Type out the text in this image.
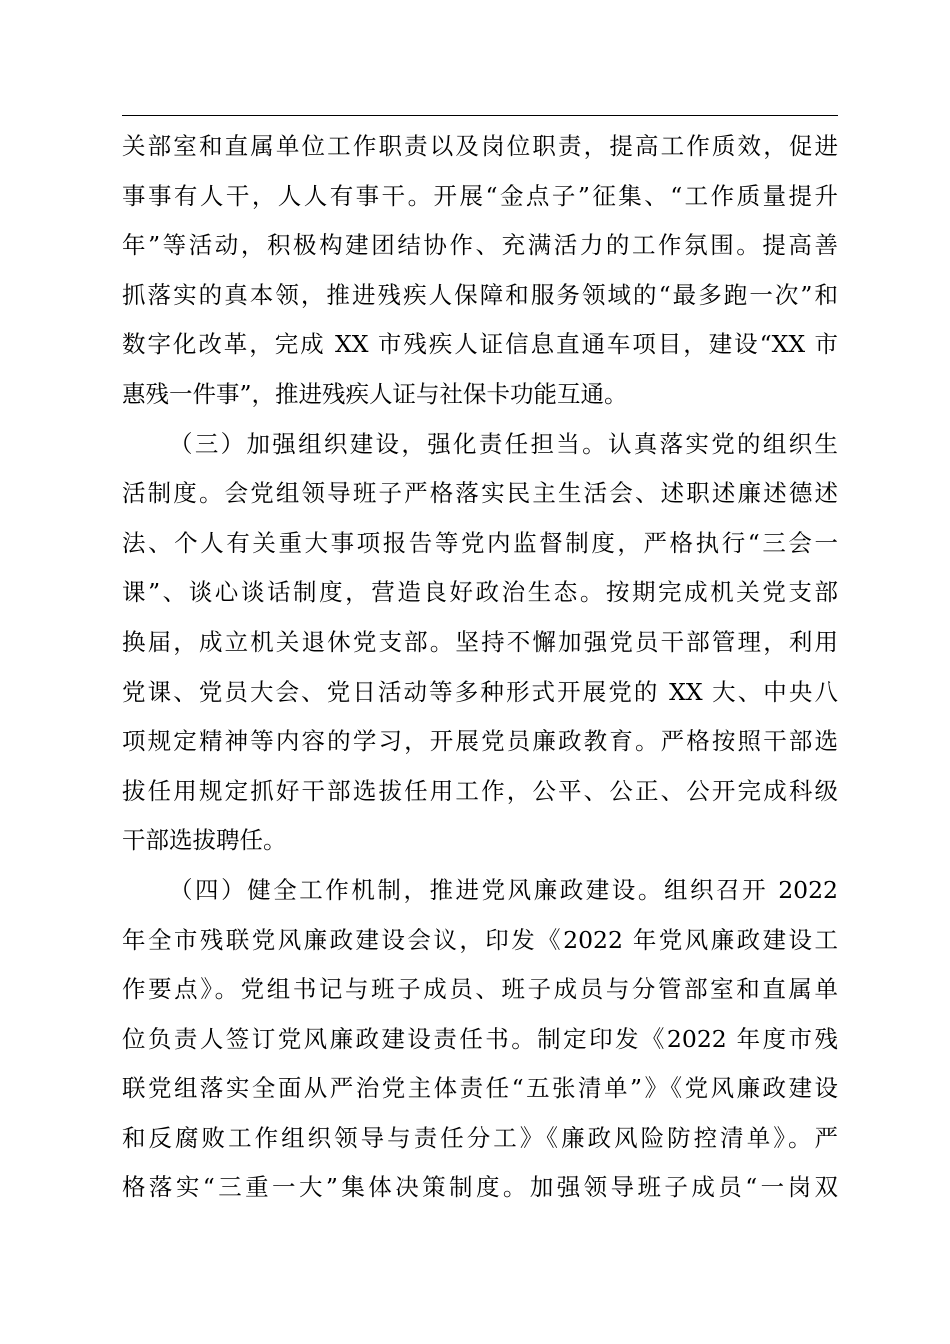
关部室和直属单位工作职责以及岗位职责，提高工作质效，促进
事事有人干，人人有事干。开展“金点子”征集、“工作质量提升
年”等活动，积极构建团结协作、充满活力的工作氛围。提高善
抓落实的真本领，推进残疾人保障和服务领域的“最多跑一次”和
数字化改革，完成 XX 市残疾人证信息直通车项目，建设“XX 市
惠残一件事”，推进残疾人证与社保卡功能互通。
（三）加强组织建设，强化责任担当。认真落实党的组织生
活制度。会党组领导班子严格落实民主生活会、述职述廉述德述
法、个人有关重大事项报告等党内监督制度，严格执行“三会一
课”、谈心谈话制度，营造良好政治生态。按期完成机关党支部
换届，成立机关退休党支部。坚持不懈加强党员干部管理，利用
党课、党员大会、党日活动等多种形式开展党的 XX 大、中央八
项规定精神等内容的学习，开展党员廉政教育。严格按照干部选
拔任用规定抓好干部选拔任用工作，公平、公正、公开完成科级
干部选拔聘任。
（四）健全工作机制，推进党风廉政建设。组织召开 2022
年全市残联党风廉政建设会议，印发《2022 年党风廉政建设工
作要点》。党组书记与班子成员、班子成员与分管部室和直属单
位负责人签订党风廉政建设责任书。制定印发《2022 年度市残
联党组落实全面从严治党主体责任“五张清单”》《党风廉政建设
和反腐败工作组织领导与责任分工》《廉政风险防控清单》。严
格落实“三重一大”集体决策制度。加强领导班子成员“一岗双
